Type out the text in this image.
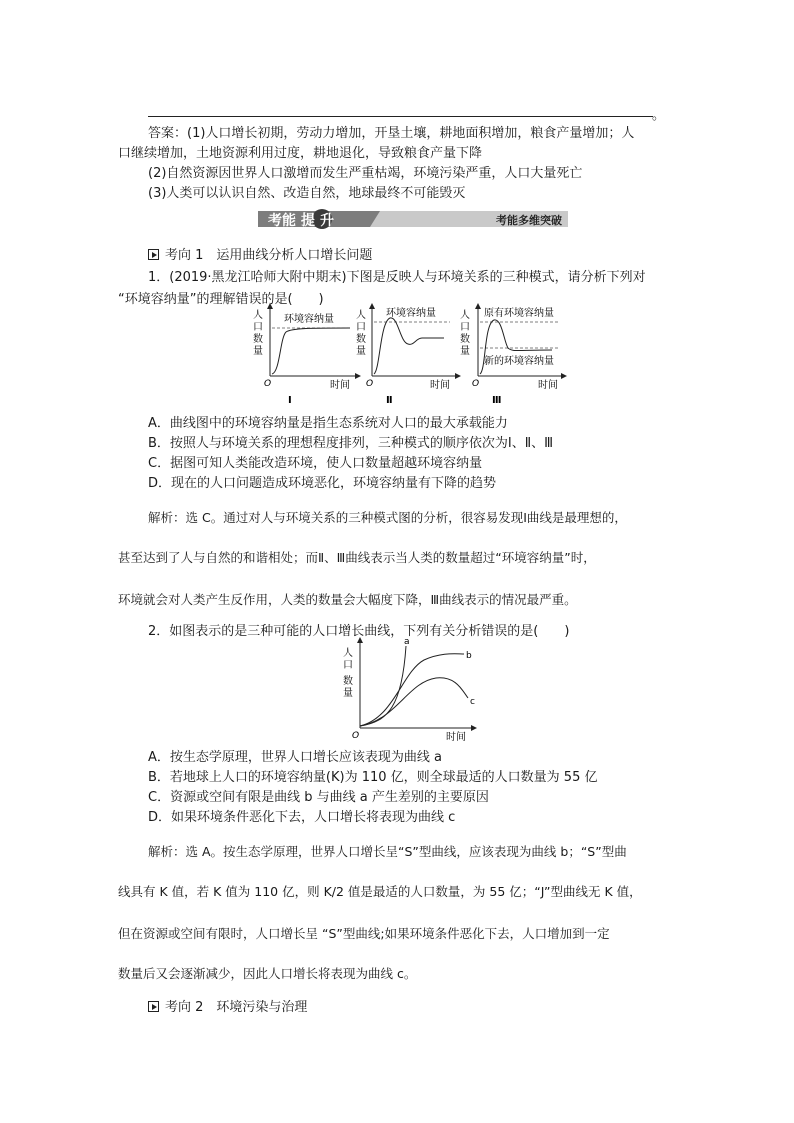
。
答案：(1)人口增长初期，劳动力增加，开垦土壤，耕地面积增加，粮食产量增加；人
口继续增加，土地资源利用过度，耕地退化，导致粮食产量下降
(2)自然资源因世界人口激增而发生严重枯竭，环境污染严重，人口大量死亡
(3)人类可以认识自然、改造自然，地球最终不可能毁灭
考能 提 升	考能多维突破
考向 1　运用曲线分析人口增长问题
1．(2019·黑龙江哈师大附中期末)下图是反映人与环境关系的三种模式，请分析下列对
“环境容纳量”的理解错误的是(　　)
人
口
数
量
环境容纳量
O	时间
Ⅰ
环境容纳量
O	时间
Ⅱ
人
口
数
量
原有环境容纳量
新的环境容纳量
O	时间
Ⅲ
人
口
数
量
A．曲线图中的环境容纳量是指生态系统对人口的最大承载能力
B．按照人与环境关系的理想程度排列，三种模式的顺序依次为Ⅰ、Ⅱ、Ⅲ
C．据图可知人类能改造环境，使人口数量超越环境容纳量
D．现在的人口问题造成环境恶化，环境容纳量有下降的趋势
解析：选 C。通过对人与环境关系的三种模式图的分析，很容易发现Ⅰ曲线是最理想的，
甚至达到了人与自然的和谐相处；而Ⅱ、Ⅲ曲线表示当人类的数量超过“环境容纳量”时，
环境就会对人类产生反作用，人类的数量会大幅度下降，Ⅲ曲线表示的情况最严重。
2．如图表示的是三种可能的人口增长曲线，下列有关分析错误的是(　　)
人
口
数
量
a
b
c
O	时间
A．按生态学原理，世界人口增长应该表现为曲线 a
B．若地球上人口的环境容纳量(K)为 110 亿，则全球最适的人口数量为 55 亿
C．资源或空间有限是曲线 b 与曲线 a 产生差别的主要原因
D．如果环境条件恶化下去，人口增长将表现为曲线 c
解析：选 A。按生态学原理，世界人口增长呈“S”型曲线，应该表现为曲线 b；“S”型曲
线具有 K 值，若 K 值为 110 亿，则 K/2 值是最适的人口数量，为 55 亿；“J”型曲线无 K 值，
但在资源或空间有限时，人口增长呈 “S”型曲线;如果环境条件恶化下去，人口增加到一定
数量后又会逐渐减少，因此人口增长将表现为曲线 c。
考向 2　环境污染与治理
